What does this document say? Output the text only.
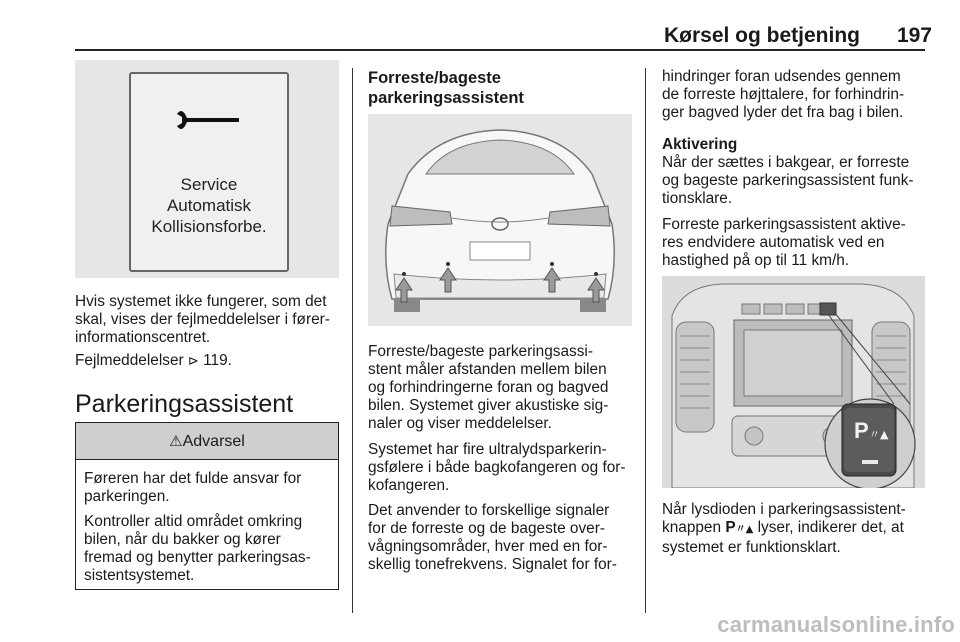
Kørsel og betjening	197
Service
Automatisk
Kollisionsforbe.

Hvis systemet ikke fungerer, som det

skal, vises der fejlmeddelelser i fører-

informationscentret.

Fejlmeddelelser ⊳ 119.
Parkeringsassistent
⚠Advarsel

Føreren har det fulde ansvar for

parkeringen.

Kontroller altid området omkring

bilen, når du bakker og kører

fremad og benytter parkeringsas-

sistentsystemet.

Forreste/bageste

parkeringsassistent

Forreste/bageste parkeringsassi-

stent måler afstanden mellem bilen

og forhindringerne foran og bagved

bilen. Systemet giver akustiske sig-

naler og viser meddelelser.

Systemet har fire ultralydsparkerin-

gsfølere i både bagkofangeren og for-

kofangeren.

Det anvender to forskellige signaler

for de forreste og de bageste over-

vågningsområder, hver med en for-

skellig tonefrekvens. Signalet for for-

hindringer foran udsendes gennem

de forreste højttalere, for forhindrin-

ger bagved lyder det fra bag i bilen.

Aktivering

Når der sættes i bakgear, er forreste

og bageste parkeringsassistent funk-

tionsklare.

Forreste parkeringsassistent aktive-

res endvidere automatisk ved en

hastighed på op til 11 km/h.

P 〃▲

Når lysdioden i parkeringsassistent-

knappen P〃▲ lyser, indikerer det, at

systemet er funktionsklart.

carmanualsonline.info
